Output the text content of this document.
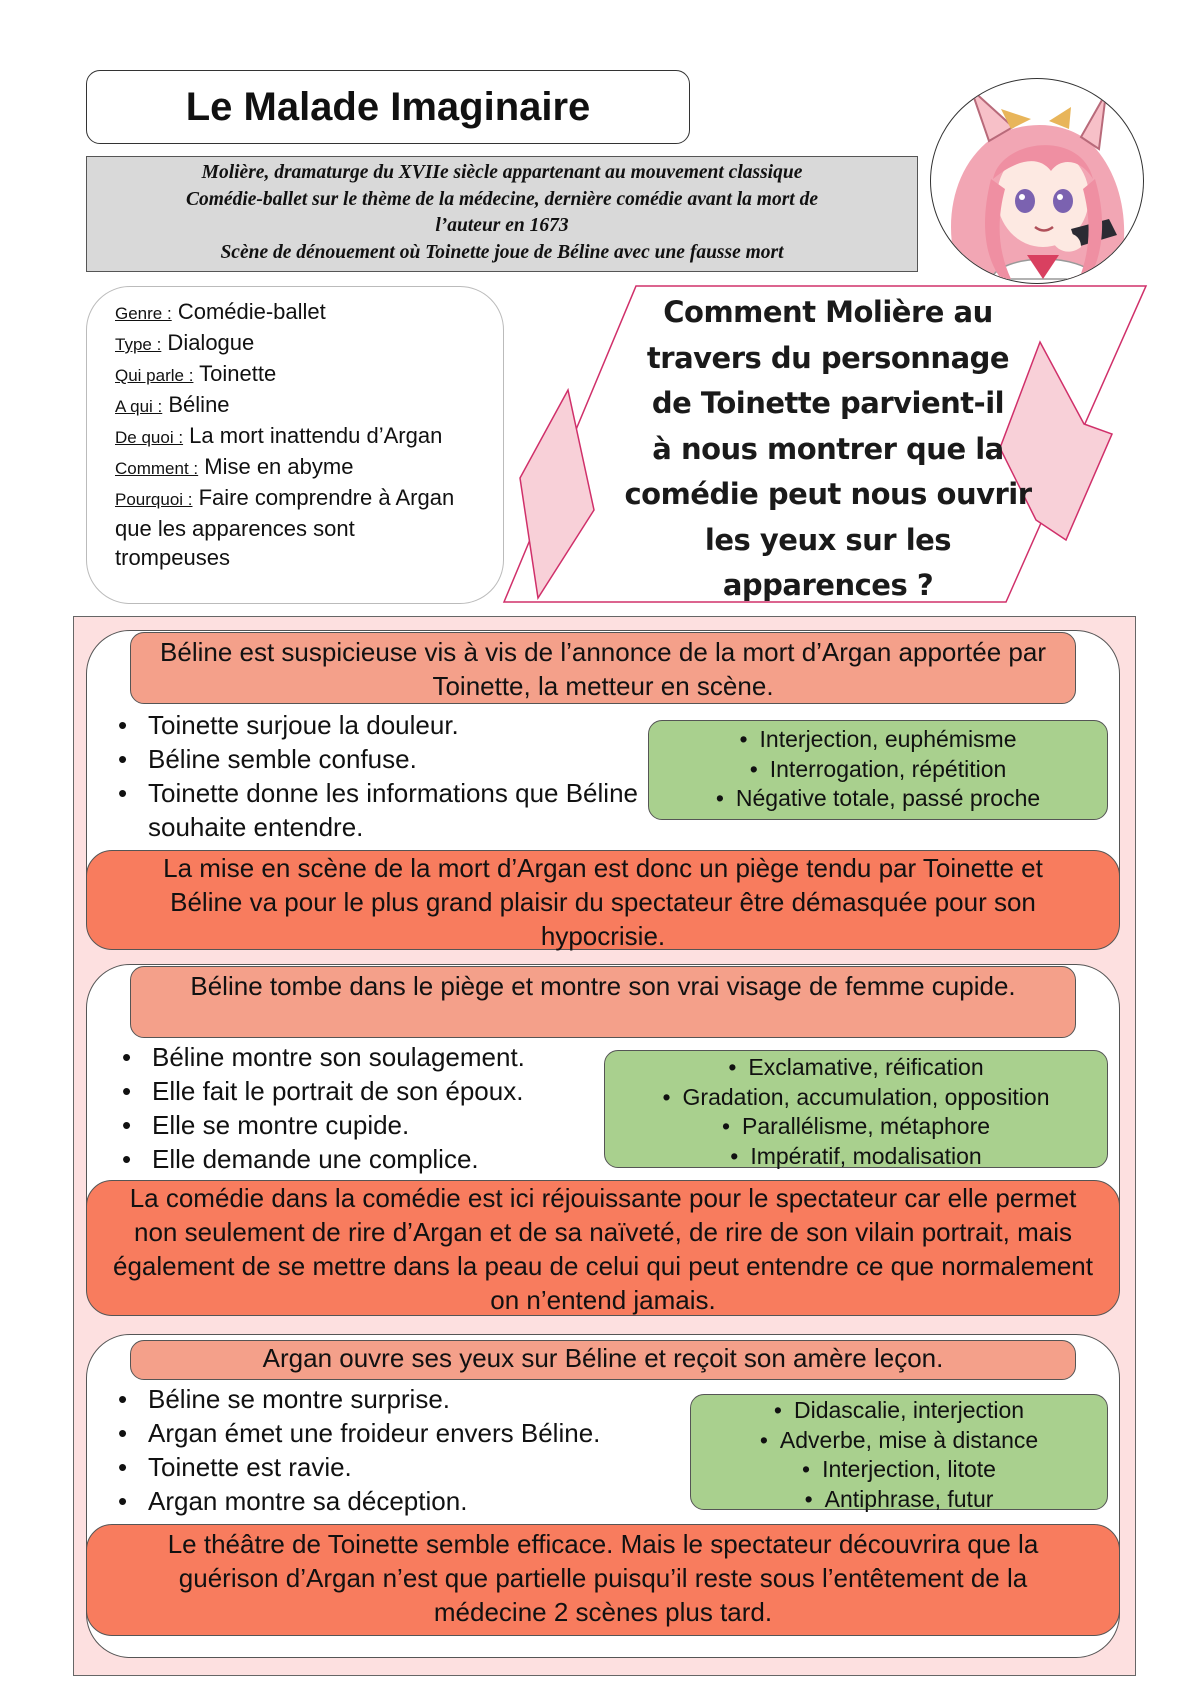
Le Malade Imaginaire
Molière, dramaturge du XVIIe siècle appartenant au mouvement classique
Comédie-ballet sur le thème de la médecine, dernière comédie avant la mort de
l’auteur en 1673
Scène de dénouement où Toinette joue de Béline avec une fausse mort

Genre : Comédie-ballet

Type : Dialogue

Qui parle : Toinette

A qui : Béline

De quoi : La mort inattendu d’Argan

Comment : Mise en abyme

Pourquoi : Faire comprendre à Argan que les apparences sont trompeuses

Comment Molière au
travers du personnage
de Toinette parvient-il
à nous montrer que la
comédie peut nous ouvrir
les yeux sur les
apparences ?
Béline est suspicieuse vis à vis de l’annonce de la mort d’Argan apportée par Toinette, la metteur en scène.
• Toinette surjoue la douleur.
• Béline semble confuse.
• Toinette donne les informations que Béline souhaite entendre.
• Interjection, euphémisme
• Interrogation, répétition
• Négative totale, passé proche
La mise en scène de la mort d’Argan est donc un piège tendu par Toinette et Béline va pour le plus grand plaisir du spectateur être démasquée pour son hypocrisie.
Béline tombe dans le piège et montre son vrai visage de femme cupide.
• Béline montre son soulagement.
• Elle fait le portrait de son époux.
• Elle se montre cupide.
• Elle demande une complice.
• Exclamative, réification
• Gradation, accumulation, opposition
• Parallélisme, métaphore
• Impératif, modalisation
La comédie dans la comédie est ici réjouissante pour le spectateur car elle permet non seulement de rire d’Argan et de sa naïveté, de rire de son vilain portrait, mais également de se mettre dans la peau de celui qui peut entendre ce que normalement on n’entend jamais.
Argan ouvre ses yeux sur Béline et reçoit son amère leçon.
• Béline se montre surprise.
• Argan émet une froideur envers Béline.
• Toinette est ravie.
• Argan montre sa déception.
• Didascalie, interjection
• Adverbe, mise à distance
• Interjection, litote
• Antiphrase, futur
Le théâtre de Toinette semble efficace. Mais le spectateur découvrira que la guérison d’Argan n’est que partielle puisqu’il reste sous l’entêtement de la médecine 2 scènes plus tard.
